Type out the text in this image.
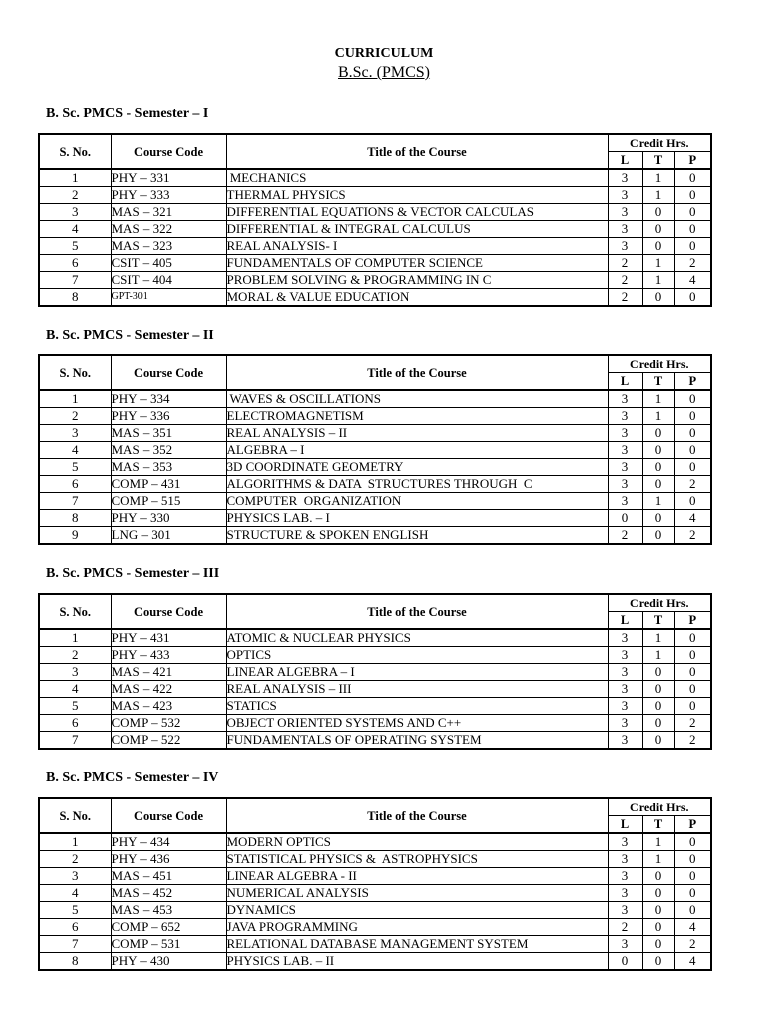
CURRICULUM
B.Sc. (PMCS)
B. Sc. PMCS - Semester – I
S. No.	Course Code	Title of the Course	Credit Hrs.		
			L	T	P
1	PHY – 331	MECHANICS	3	1	0
2	PHY – 333	THERMAL PHYSICS	3	1	0
3	MAS – 321	DIFFERENTIAL EQUATIONS & VECTOR CALCULAS	3	0	0
4	MAS – 322	DIFFERENTIAL & INTEGRAL CALCULUS	3	0	0
5	MAS – 323	REAL ANALYSIS- I	3	0	0
6	CSIT – 405	FUNDAMENTALS OF COMPUTER SCIENCE	2	1	2
7	CSIT – 404	PROBLEM SOLVING & PROGRAMMING IN C	2	1	4
8	GPT-301	MORAL & VALUE EDUCATION	2	0	0
B. Sc. PMCS - Semester – II
S. No.	Course Code	Title of the Course	Credit Hrs.		
			L	T	P
1	PHY – 334	WAVES & OSCILLATIONS	3	1	0
2	PHY – 336	ELECTROMAGNETISM	3	1	0
3	MAS – 351	REAL ANALYSIS – II	3	0	0
4	MAS – 352	ALGEBRA – I	3	0	0
5	MAS – 353	3D COORDINATE GEOMETRY	3	0	0
6	COMP – 431	ALGORITHMS & DATA  STRUCTURES THROUGH  C	3	0	2
7	COMP – 515	COMPUTER  ORGANIZATION	3	1	0
8	PHY – 330	PHYSICS LAB. – I	0	0	4
9	LNG – 301	STRUCTURE & SPOKEN ENGLISH	2	0	2
B. Sc. PMCS - Semester – III
S. No.	Course Code	Title of the Course	Credit Hrs.		
			L	T	P
1	PHY – 431	ATOMIC & NUCLEAR PHYSICS	3	1	0
2	PHY – 433	OPTICS	3	1	0
3	MAS – 421	LINEAR ALGEBRA – I	3	0	0
4	MAS – 422	REAL ANALYSIS – III	3	0	0
5	MAS – 423	STATICS	3	0	0
6	COMP – 532	OBJECT ORIENTED SYSTEMS AND C++	3	0	2
7	COMP – 522	FUNDAMENTALS OF OPERATING SYSTEM	3	0	2
B. Sc. PMCS - Semester – IV
S. No.	Course Code	Title of the Course	Credit Hrs.		
			L	T	P
1	PHY – 434	MODERN OPTICS	3	1	0
2	PHY – 436	STATISTICAL PHYSICS &  ASTROPHYSICS	3	1	0
3	MAS – 451	LINEAR ALGEBRA - II	3	0	0
4	MAS – 452	NUMERICAL ANALYSIS	3	0	0
5	MAS – 453	DYNAMICS	3	0	0
6	COMP – 652	JAVA PROGRAMMING	2	0	4
7	COMP – 531	RELATIONAL DATABASE MANAGEMENT SYSTEM	3	0	2
8	PHY – 430	PHYSICS LAB. – II	0	0	4
